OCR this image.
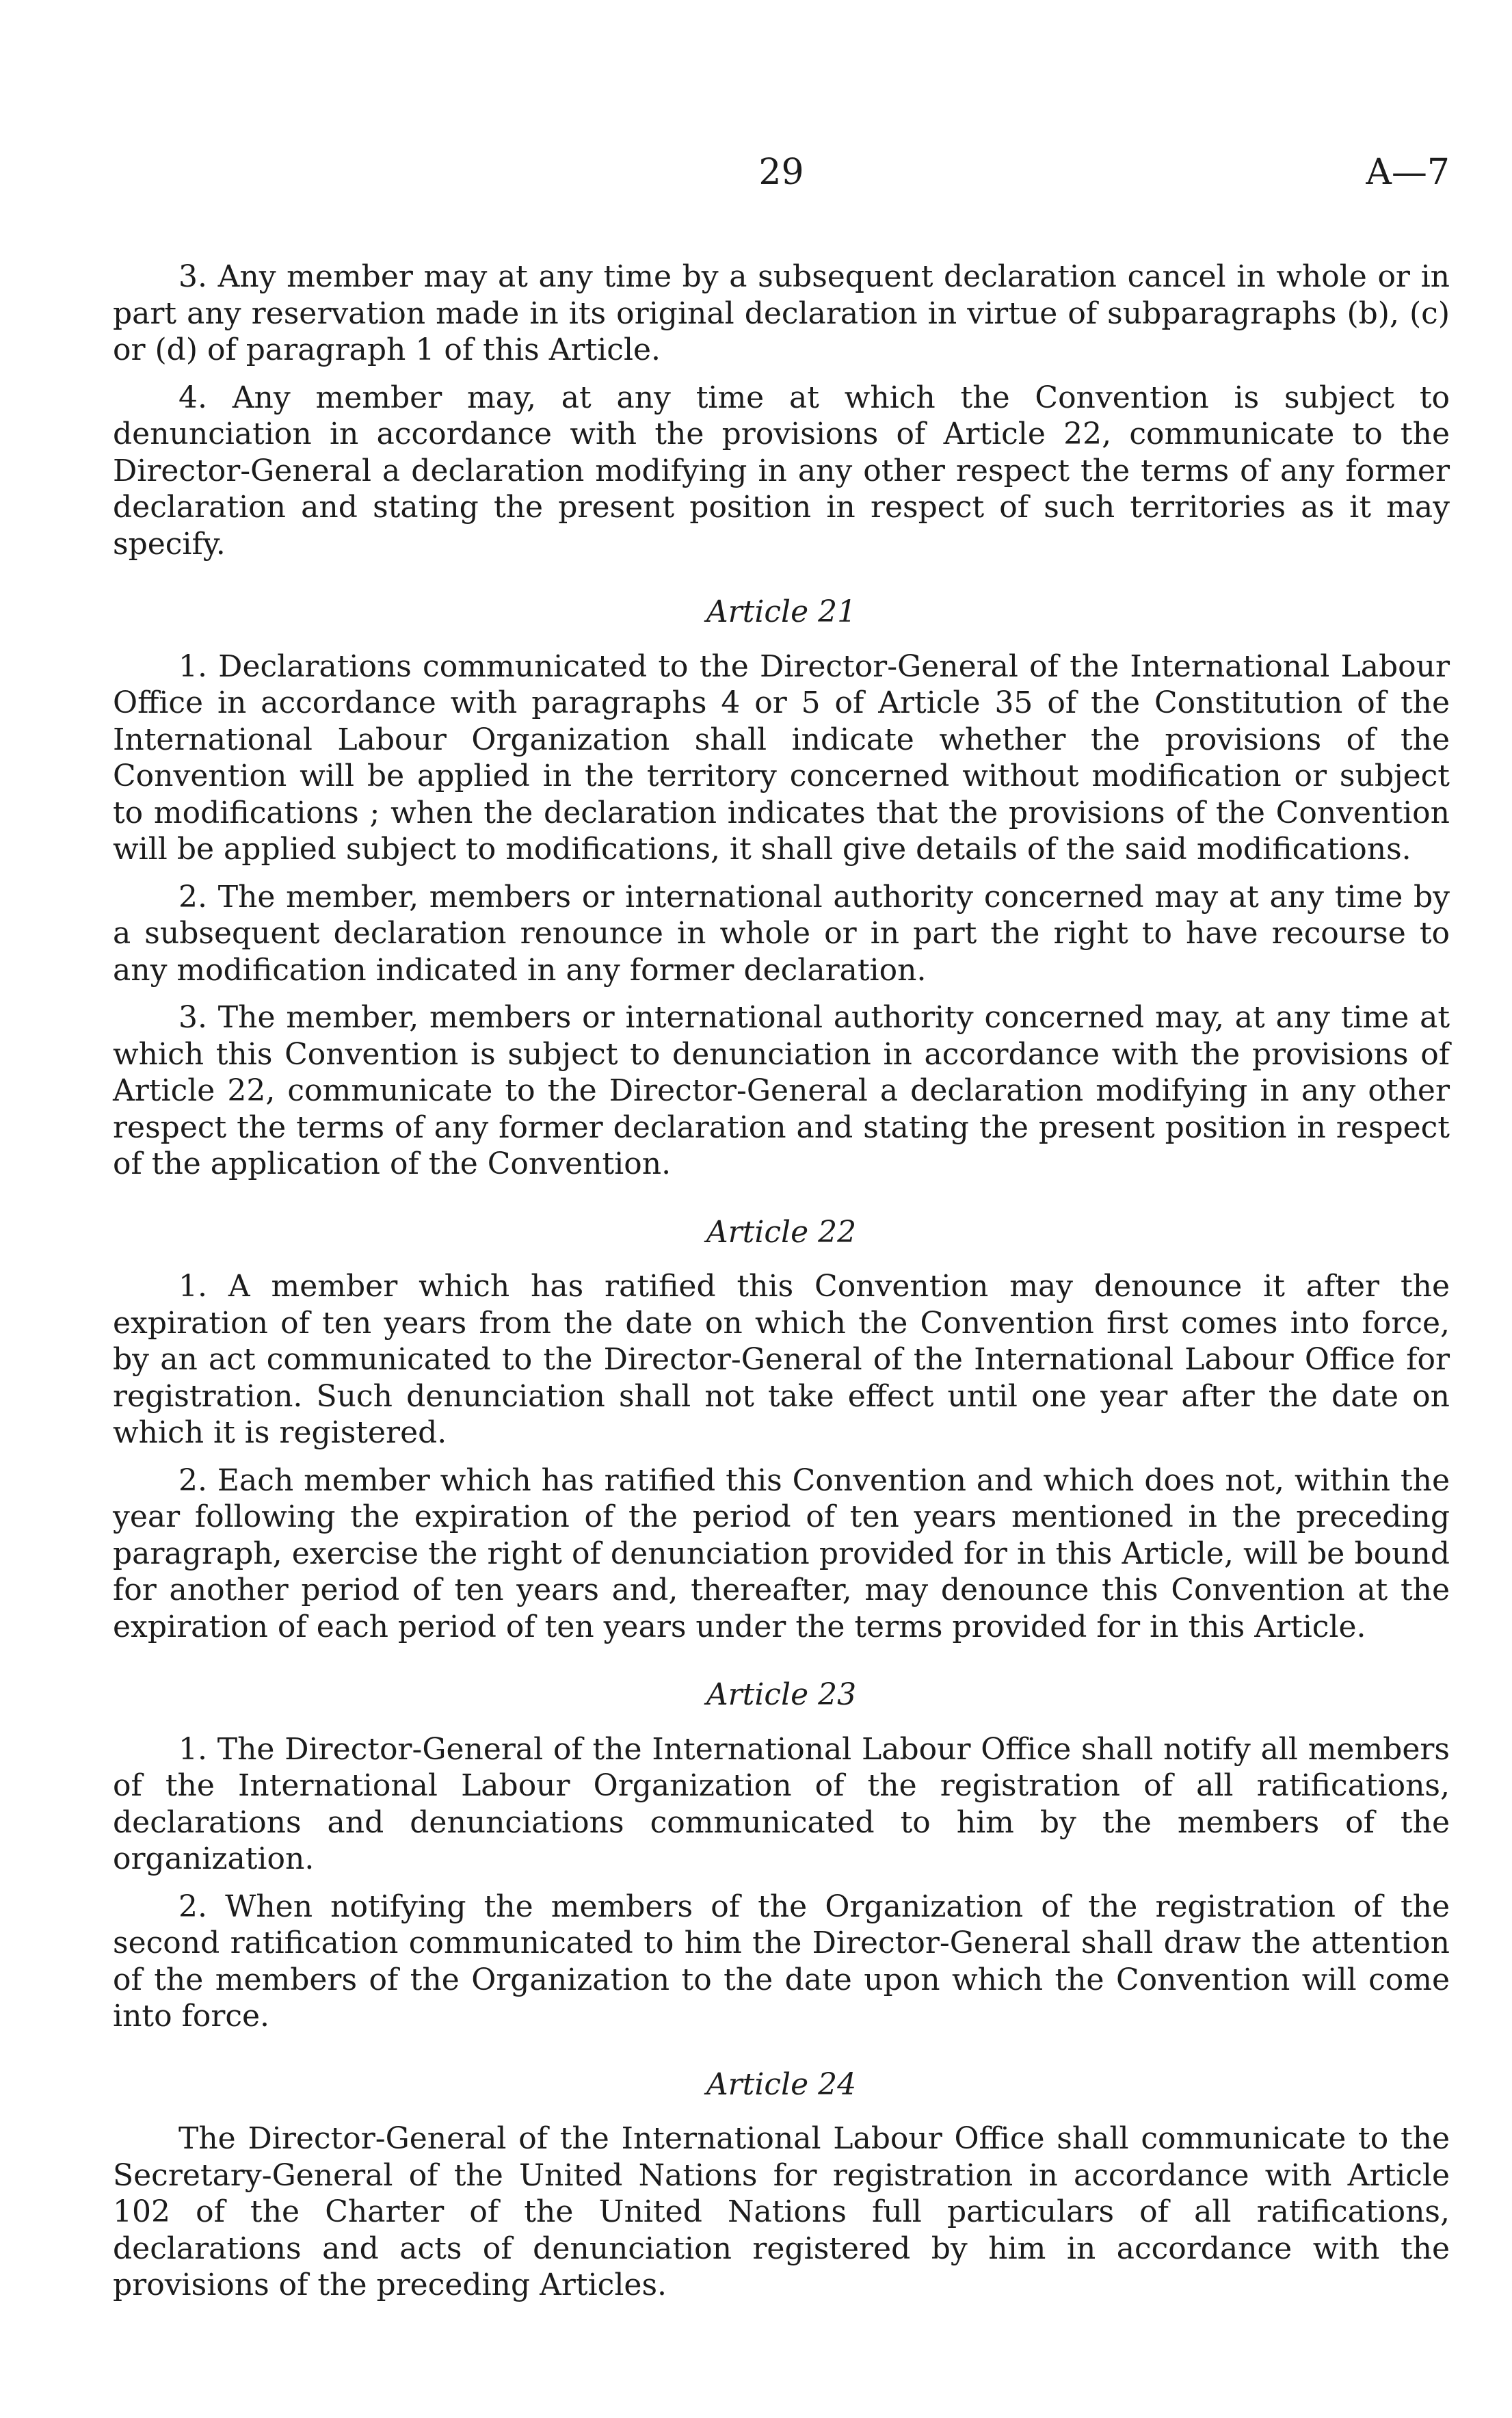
29	A—7

3. Any member may at any time by a subsequent declaration cancel in whole or in part any reservation made in its original declaration in virtue of subparagraphs (b), (c) or (d) of paragraph 1 of this Article.

4. Any member may, at any time at which the Convention is subject to denunciation in accordance with the provisions of Article 22, communicate to the Director-General a declaration modifying in any other respect the terms of any former declaration and stating the present position in respect of such territories as it may specify.

Article 21

1. Declarations communicated to the Director-General of the International Labour Office in accordance with paragraphs 4 or 5 of Article 35 of the Constitution of the International Labour Organization shall indicate whether the provisions of the Convention will be applied in the territory concerned without modification or subject to modifications ; when the declaration indicates that the provisions of the Convention will be applied subject to modifications, it shall give details of the said modifications.

2. The member, members or international authority concerned may at any time by a subsequent declaration renounce in whole or in part the right to have recourse to any modification indicated in any former declaration.

3. The member, members or international authority concerned may, at any time at which this Convention is subject to denunciation in accordance with the provisions of Article 22, communicate to the Director-General a declaration modifying in any other respect the terms of any former declaration and stating the present position in respect of the application of the Convention.

Article 22

1. A member which has ratified this Convention may denounce it after the expiration of ten years from the date on which the Convention first comes into force, by an act communicated to the Director-General of the International Labour Office for registration. Such denunciation shall not take effect until one year after the date on which it is registered.

2. Each member which has ratified this Convention and which does not, within the year following the expiration of the period of ten years mentioned in the preceding paragraph, exercise the right of denunciation provided for in this Article, will be bound for another period of ten years and, thereafter, may denounce this Convention at the expiration of each period of ten years under the terms provided for in this Article.

Article 23

1. The Director-General of the International Labour Office shall notify all members of the International Labour Organization of the registration of all ratifications, declarations and denunciations communicated to him by the members of the organization.

2. When notifying the members of the Organization of the registration of the second ratification communicated to him the Director-General shall draw the attention of the members of the Organization to the date upon which the Convention will come into force.

Article 24

The Director-General of the International Labour Office shall communicate to the Secretary-General of the United Nations for registration in accordance with Article 102 of the Charter of the United Nations full particulars of all ratifications, declarations and acts of denunciation registered by him in accordance with the provisions of the preceding Articles.
